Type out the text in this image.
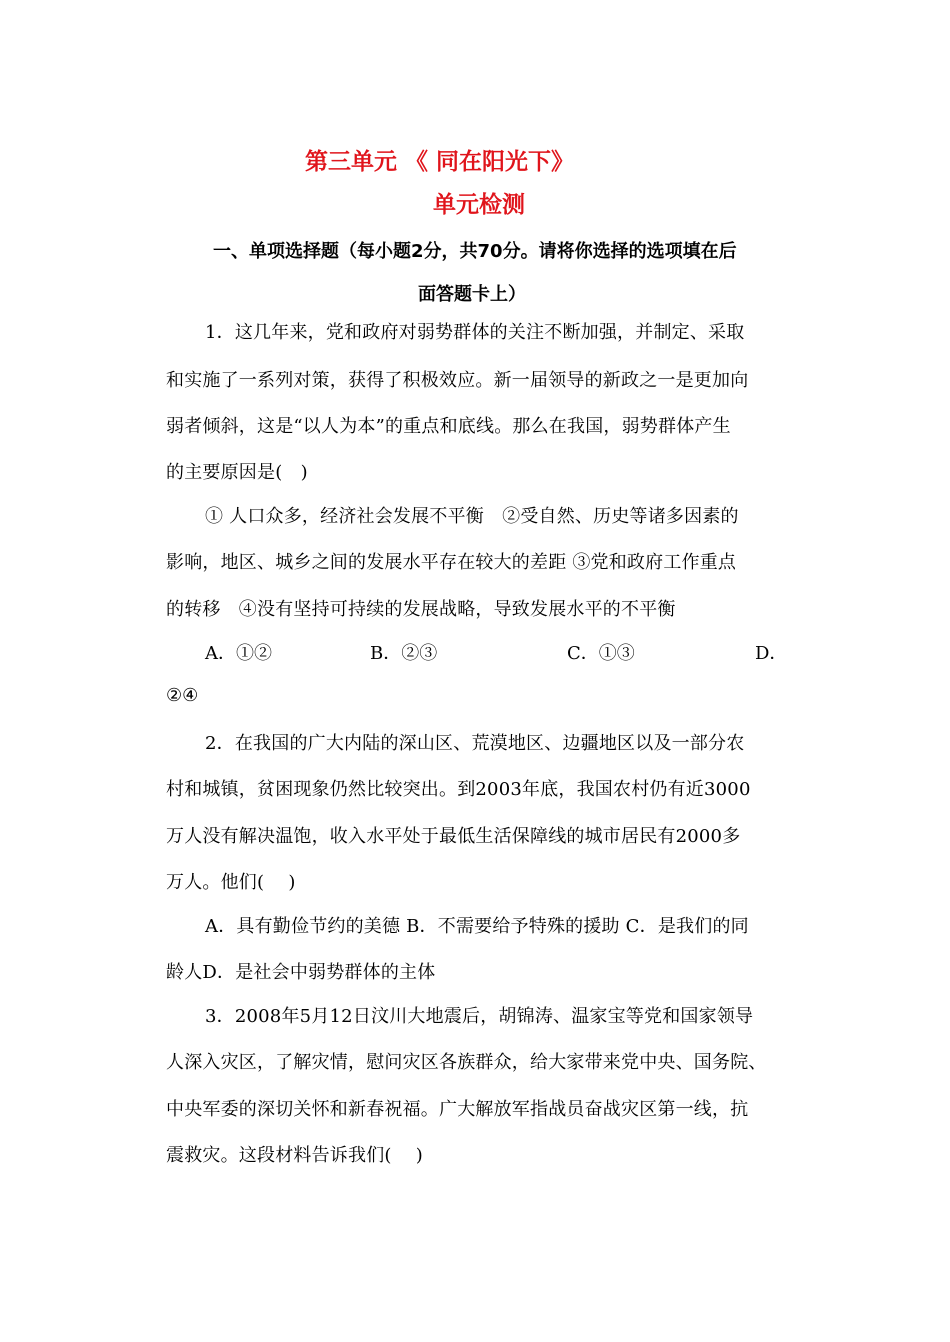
第三单元 《 同在阳光下》
单元检测
一、单项选择题（每小题2分，共70分。请将你选择的选项填在后
面答题卡上）
1．这几年来，党和政府对弱势群体的关注不断加强，并制定、采取
和实施了一系列对策，获得了积极效应。新一届领导的新政之一是更加向
弱者倾斜，这是“以人为本”的重点和底线。那么在我国，弱势群体产生
的主要原因是(　)
① 人口众多，经济社会发展不平衡　②受自然、历史等诸多因素的
影响，地区、城乡之间的发展水平存在较大的差距 ③党和政府工作重点
的转移　④没有坚持可持续的发展战略，导致发展水平的不平衡
A．①②	B．②③	C．①③	D．
②④
2．在我国的广大内陆的深山区、荒漠地区、边疆地区以及一部分农
村和城镇，贫困现象仍然比较突出。到2003年底，我国农村仍有近3000
万人没有解决温饱，收入水平处于最低生活保障线的城市居民有2000多
万人。他们(　 )
A．具有勤俭节约的美德 B．不需要给予特殊的援助 C．是我们的同
龄人D．是社会中弱势群体的主体
3．2008年5月12日汶川大地震后，胡锦涛、温家宝等党和国家领导
人深入灾区，了解灾情，慰问灾区各族群众，给大家带来党中央、国务院、
中央军委的深切关怀和新春祝福。广大解放军指战员奋战灾区第一线，抗
震救灾。这段材料告诉我们(　 )
